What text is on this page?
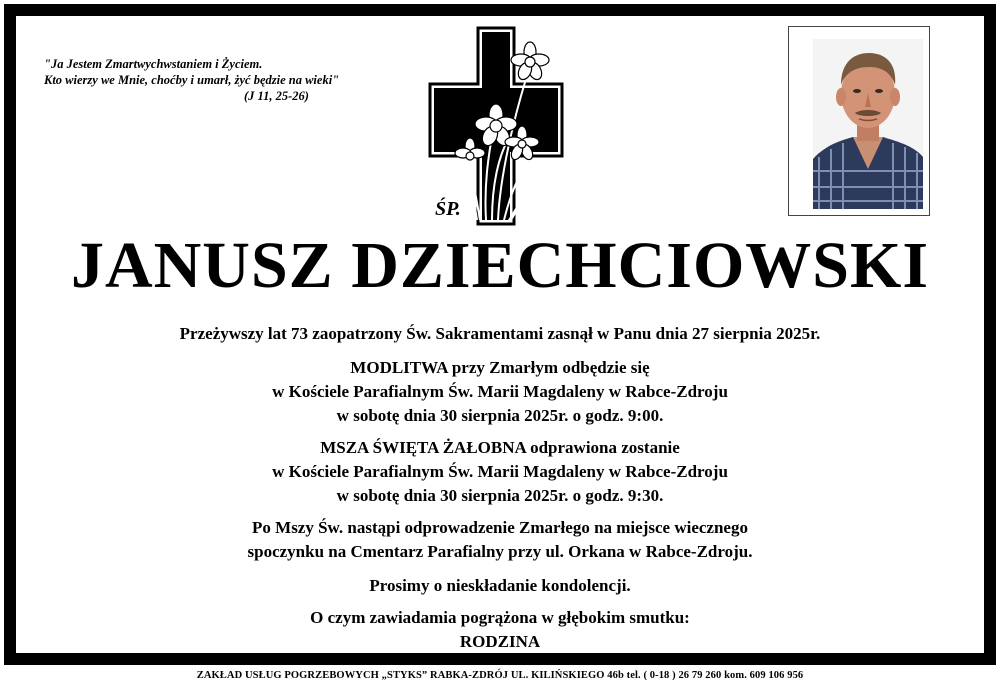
"Ja Jestem Zmartwychwstaniem i Życiem.
Kto wierzy we Mnie, choćby i umarł, żyć będzie na wieki"
(J 11, 25-26)
ŚP.
JANUSZ DZIECHCIOWSKI
Przeżywszy lat 73 zaopatrzony Św. Sakramentami zasnął w Panu dnia 27 sierpnia 2025r.
MODLITWA przy Zmarłym odbędzie się
w Kościele Parafialnym Św. Marii Magdaleny w Rabce-Zdroju
w sobotę dnia 30 sierpnia 2025r. o godz. 9:00.
MSZA ŚWIĘTA ŻAŁOBNA odprawiona zostanie
w Kościele Parafialnym Św. Marii Magdaleny w Rabce-Zdroju
w sobotę dnia 30 sierpnia 2025r. o godz. 9:30.
Po Mszy Św. nastąpi odprowadzenie Zmarłego na miejsce wiecznego
spoczynku na Cmentarz Parafialny przy ul. Orkana w Rabce-Zdroju.
Prosimy o nieskładanie kondolencji.
O czym zawiadamia pogrążona w głębokim smutku:
RODZINA
ZAKŁAD USŁUG POGRZEBOWYCH „STYKS” RABKA-ZDRÓJ UL. KILIŃSKIEGO 46b tel. ( 0-18 ) 26 79 260 kom. 609 106 956
